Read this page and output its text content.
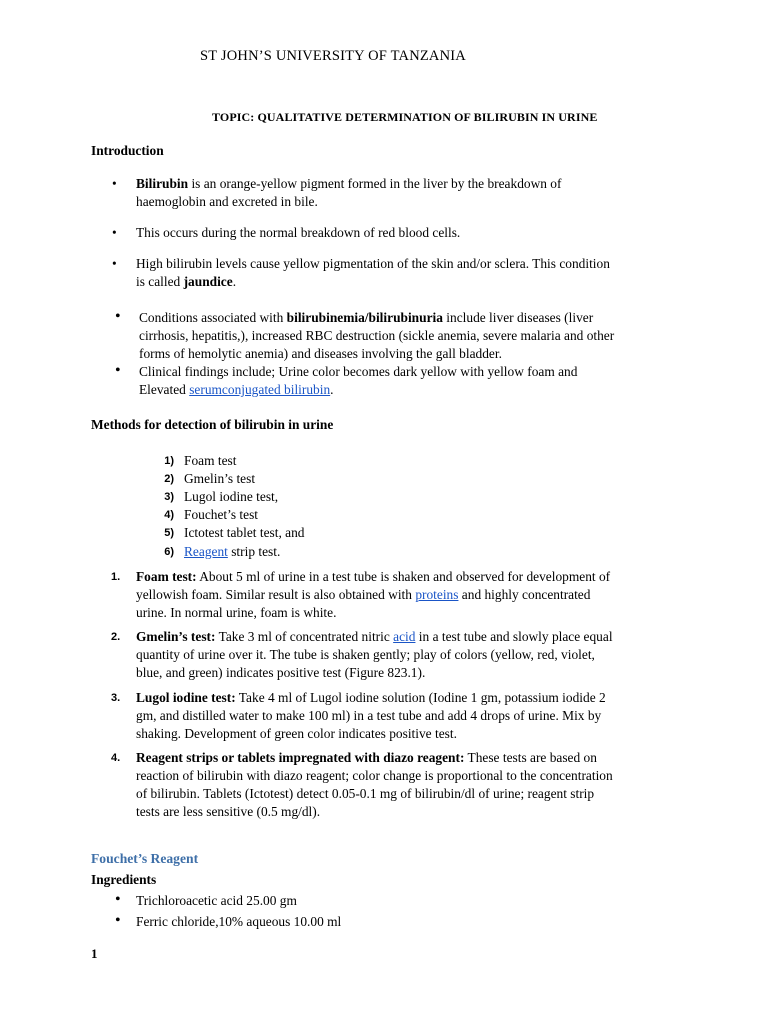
ST JOHN’S UNIVERSITY OF TANZANIA
TOPIC: QUALITATIVE DETERMINATION OF BILIRUBIN IN URINE
Introduction
• Bilirubin is an orange-yellow pigment formed in the liver by the breakdown of
haemoglobin and excreted in bile.
• This occurs during the normal breakdown of red blood cells.
• High bilirubin levels cause yellow pigmentation of the skin and/or sclera. This condition
is called jaundice.
• Conditions associated with bilirubinemia/bilirubinuria include liver diseases (liver
cirrhosis, hepatitis,), increased RBC destruction (sickle anemia, severe malaria and other
forms of hemolytic anemia) and diseases involving the gall bladder.
• Clinical findings include; Urine color becomes dark yellow with yellow foam and
Elevated serumconjugated bilirubin.
Methods for detection of bilirubin in urine
1) Foam test
2) Gmelin’s test
3) Lugol iodine test,
4) Fouchet’s test
5) Ictotest tablet test, and
6) Reagent strip test.
1. Foam test: About 5 ml of urine in a test tube is shaken and observed for development of
yellowish foam. Similar result is also obtained with proteins and highly concentrated
urine. In normal urine, foam is white.
2. Gmelin’s test: Take 3 ml of concentrated nitric acid in a test tube and slowly place equal
quantity of urine over it. The tube is shaken gently; play of colors (yellow, red, violet,
blue, and green) indicates positive test (Figure 823.1).
3. Lugol iodine test: Take 4 ml of Lugol iodine solution (Iodine 1 gm, potassium iodide 2
gm, and distilled water to make 100 ml) in a test tube and add 4 drops of urine. Mix by
shaking. Development of green color indicates positive test.
4. Reagent strips or tablets impregnated with diazo reagent: These tests are based on
reaction of bilirubin with diazo reagent; color change is proportional to the concentration
of bilirubin. Tablets (Ictotest) detect 0.05-0.1 mg of bilirubin/dl of urine; reagent strip
tests are less sensitive (0.5 mg/dl).
Fouchet’s Reagent
Ingredients
• Trichloroacetic acid 25.00 gm
• Ferric chloride,10% aqueous 10.00 ml
1
